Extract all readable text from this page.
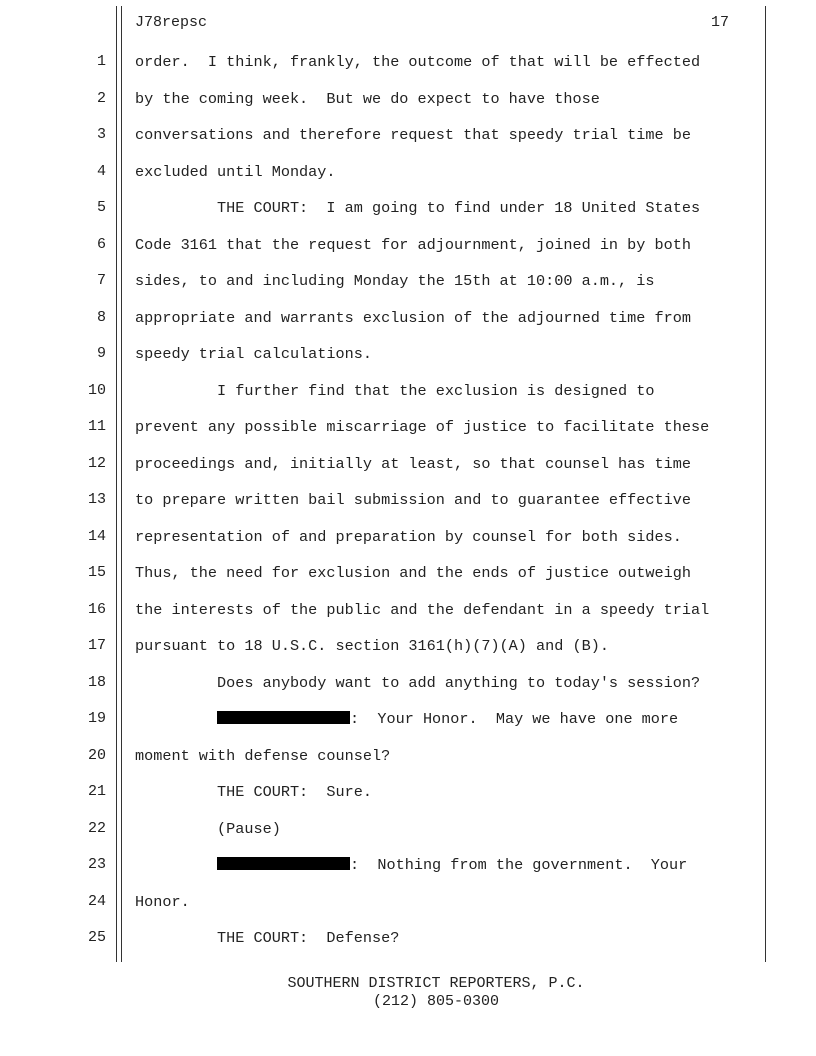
J78repsc	17
1 order.  I think, frankly, the outcome of that will be effected
2 by the coming week.  But we do expect to have those
3 conversations and therefore request that speedy trial time be
4 excluded until Monday.
5 THE COURT:  I am going to find under 18 United States
6 Code 3161 that the request for adjournment, joined in by both
7 sides, to and including Monday the 15th at 10:00 a.m., is
8 appropriate and warrants exclusion of the adjourned time from
9 speedy trial calculations.
10 I further find that the exclusion is designed to
11 prevent any possible miscarriage of justice to facilitate these
12 proceedings and, initially at least, so that counsel has time
13 to prepare written bail submission and to guarantee effective
14 representation of and preparation by counsel for both sides.
15 Thus, the need for exclusion and the ends of justice outweigh
16 the interests of the public and the defendant in a speedy trial
17 pursuant to 18 U.S.C. section 3161(h)(7)(A) and (B).
18 Does anybody want to add anything to today's session?
19	:  Your Honor.  May we have one more
20 moment with defense counsel?
21 THE COURT:  Sure.
22 (Pause)
23	:  Nothing from the government.  Your
24 Honor.
25 THE COURT:  Defense?
SOUTHERN DISTRICT REPORTERS, P.C.
(212) 805-0300
